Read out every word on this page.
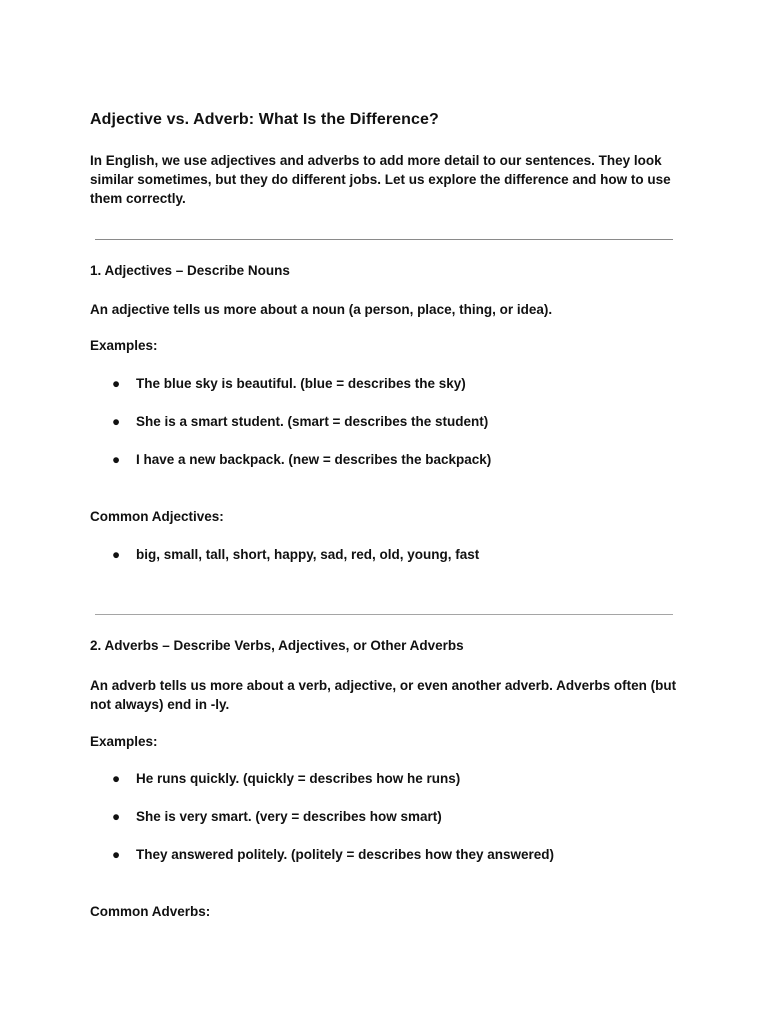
Adjective vs. Adverb: What Is the Difference?

In English, we use adjectives and adverbs to add more detail to our sentences. They look similar sometimes, but they do different jobs. Let us explore the difference and how to use them correctly.

1. Adjectives – Describe Nouns

An adjective tells us more about a noun (a person, place, thing, or idea).

Examples:

● The blue sky is beautiful. (blue = describes the sky)
● She is a smart student. (smart = describes the student)
● I have a new backpack. (new = describes the backpack)

Common Adjectives:

● big, small, tall, short, happy, sad, red, old, young, fast
2. Adverbs – Describe Verbs, Adjectives, or Other Adverbs

An adverb tells us more about a verb, adjective, or even another adverb. Adverbs often (but not always) end in -ly.

Examples:

● He runs quickly. (quickly = describes how he runs)
● She is very smart. (very = describes how smart)
● They answered politely. (politely = describes how they answered)

Common Adverbs:
